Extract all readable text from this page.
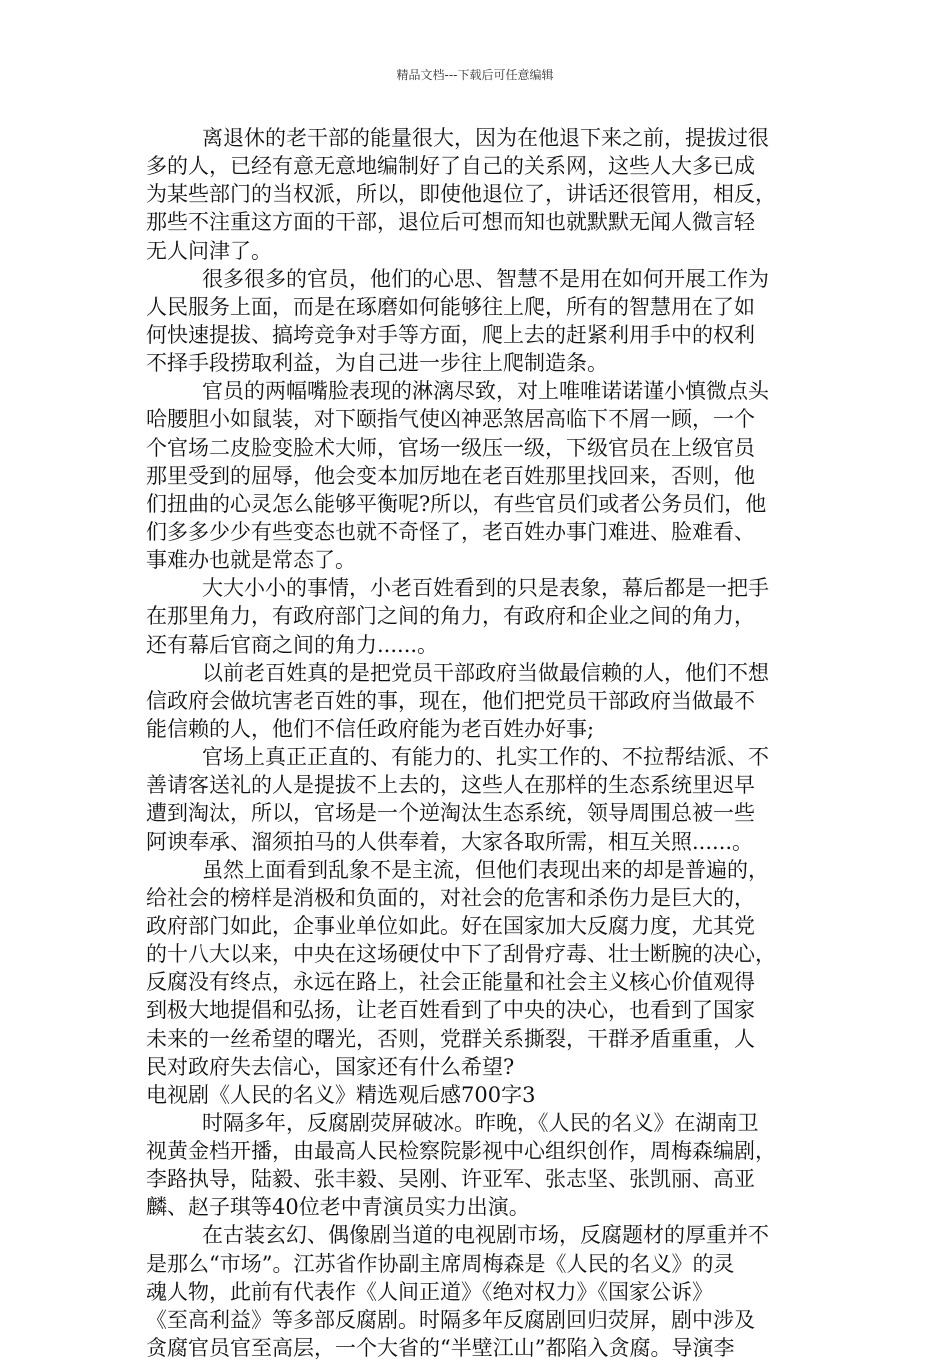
精品文档---下载后可任意编辑
离退休的老干部的能量很大，因为在他退下来之前，提拔过很
多的人，已经有意无意地编制好了自己的关系网，这些人大多已成
为某些部门的当权派，所以，即使他退位了，讲话还很管用，相反，
那些不注重这方面的干部，退位后可想而知也就默默无闻人微言轻
无人问津了。
很多很多的官员，他们的心思、智慧不是用在如何开展工作为
人民服务上面，而是在琢磨如何能够往上爬，所有的智慧用在了如
何快速提拔、搞垮竞争对手等方面，爬上去的赶紧利用手中的权利
不择手段捞取利益，为自己进一步往上爬制造条。
官员的两幅嘴脸表现的淋漓尽致，对上唯唯诺诺谨小慎微点头
哈腰胆小如鼠装，对下颐指气使凶神恶煞居高临下不屑一顾，一个
个官场二皮脸变脸术大师，官场一级压一级，下级官员在上级官员
那里受到的屈辱，他会变本加厉地在老百姓那里找回来，否则，他
们扭曲的心灵怎么能够平衡呢?所以，有些官员们或者公务员们，他
们多多少少有些变态也就不奇怪了，老百姓办事门难进、脸难看、
事难办也就是常态了。
大大小小的事情，小老百姓看到的只是表象，幕后都是一把手
在那里角力，有政府部门之间的角力，有政府和企业之间的角力，
还有幕后官商之间的角力......。
以前老百姓真的是把党员干部政府当做最信赖的人，他们不想
信政府会做坑害老百姓的事，现在，他们把党员干部政府当做最不
能信赖的人，他们不信任政府能为老百姓办好事;
官场上真正正直的、有能力的、扎实工作的、不拉帮结派、不
善请客送礼的人是提拔不上去的，这些人在那样的生态系统里迟早
遭到淘汰，所以，官场是一个逆淘汰生态系统，领导周围总被一些
阿谀奉承、溜须拍马的人供奉着，大家各取所需，相互关照......。
虽然上面看到乱象不是主流，但他们表现出来的却是普遍的，
给社会的榜样是消极和负面的，对社会的危害和杀伤力是巨大的，
政府部门如此，企事业单位如此。好在国家加大反腐力度，尤其党
的十八大以来，中央在这场硬仗中下了刮骨疗毒、壮士断腕的决心，
反腐没有终点，永远在路上，社会正能量和社会主义核心价值观得
到极大地提倡和弘扬，让老百姓看到了中央的决心，也看到了国家
未来的一丝希望的曙光，否则，党群关系撕裂，干群矛盾重重，人
民对政府失去信心，国家还有什么希望?
电视剧《人民的名义》精选观后感700字3
时隔多年，反腐剧荧屏破冰。昨晚，《人民的名义》在湖南卫
视黄金档开播，由最高人民检察院影视中心组织创作，周梅森编剧，
李路执导，陆毅、张丰毅、吴刚、许亚军、张志坚、张凯丽、高亚
麟、赵子琪等40位老中青演员实力出演。
在古装玄幻、偶像剧当道的电视剧市场，反腐题材的厚重并不
是那么“市场”。江苏省作协副主席周梅森是《人民的名义》的灵
魂人物，此前有代表作《人间正道》《绝对权力》《国家公诉》
《至高利益》等多部反腐剧。时隔多年反腐剧回归荧屏，剧中涉及
贪腐官员官至高层，一个大省的“半壁江山”都陷入贪腐。导演李
